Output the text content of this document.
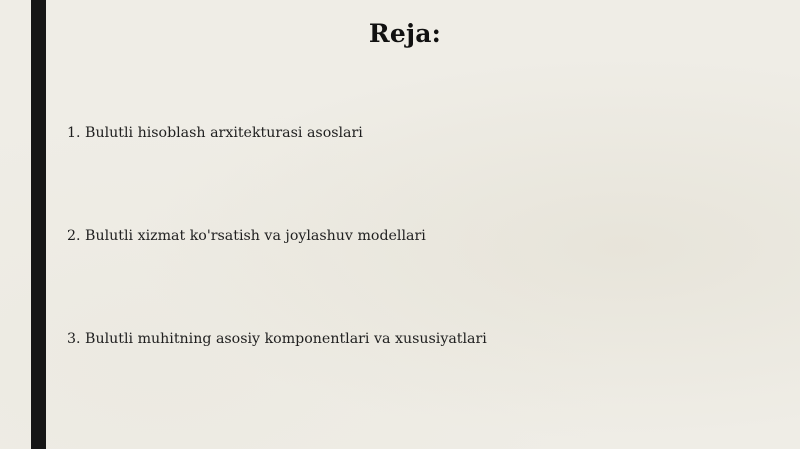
Reja:
1. Bulutli hisoblash arxitekturasi asoslari
2. Bulutli xizmat ko'rsatish va joylashuv modellari
3. Bulutli muhitning asosiy komponentlari va xususiyatlari
